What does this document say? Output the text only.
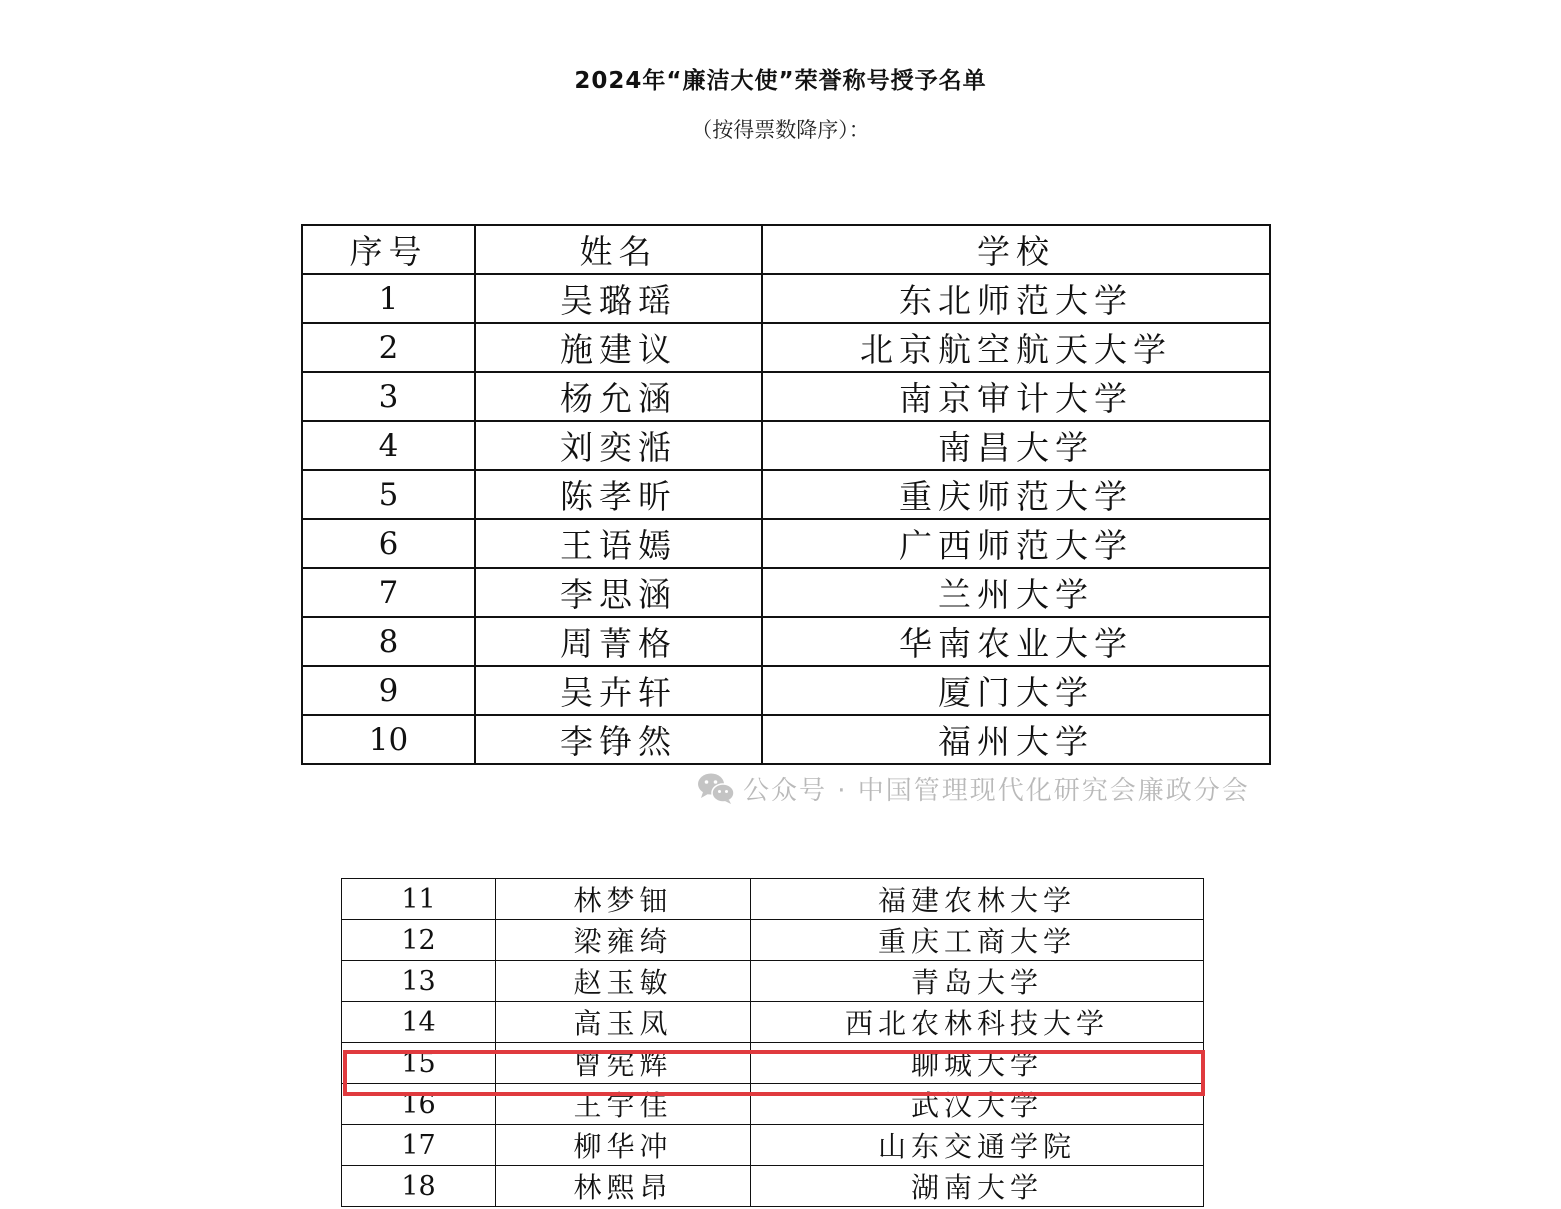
2024年“廉洁大使”荣誉称号授予名单
（按得票数降序）：
序号	姓名	学校
1	吴璐瑶	东北师范大学
2	施建议	北京航空航天大学
3	杨允涵	南京审计大学
4	刘奕湉	南昌大学
5	陈孝昕	重庆师范大学
6	王语嫣	广西师范大学
7	李思涵	兰州大学
8	周菁格	华南农业大学
9	吴卉轩	厦门大学
10	李铮然	福州大学
公众号 · 中国管理现代化研究会廉政分会
11	林梦钿	福建农林大学
12	梁雍绮	重庆工商大学
13	赵玉敏	青岛大学
14	高玉凤	西北农林科技大学
15	曾宪辉	聊城大学
16	王宇佳	武汉大学
17	柳华冲	山东交通学院
18	林熙昂	湖南大学
